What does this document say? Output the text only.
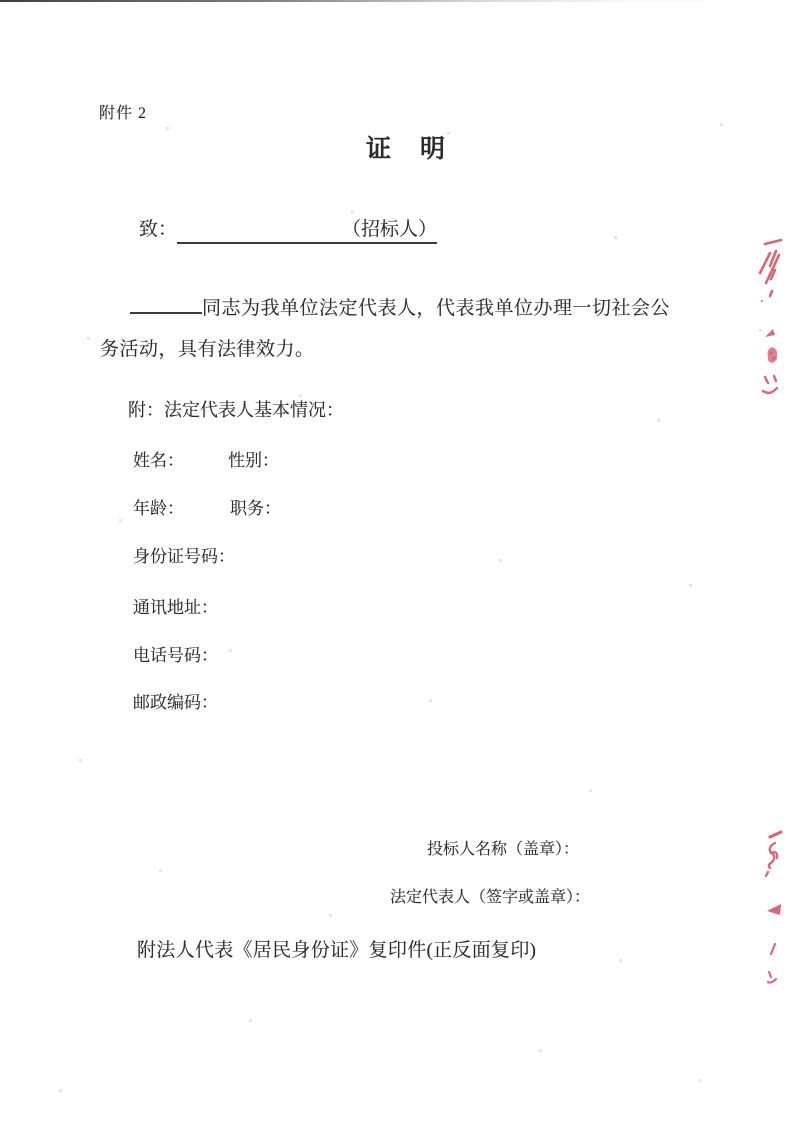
附件 2
证　明
致：	（招标人）
同志为我单位法定代表人，代表我单位办理一切社会公
务活动，具有法律效力。
附：法定代表人基本情况：
姓名：	性别：
年龄：	职务：
身份证号码：
通讯地址：
电话号码：
邮政编码：
投标人名称（盖章）：
法定代表人（签字或盖章）：
附法人代表《居民身份证》复印件(正反面复印)
